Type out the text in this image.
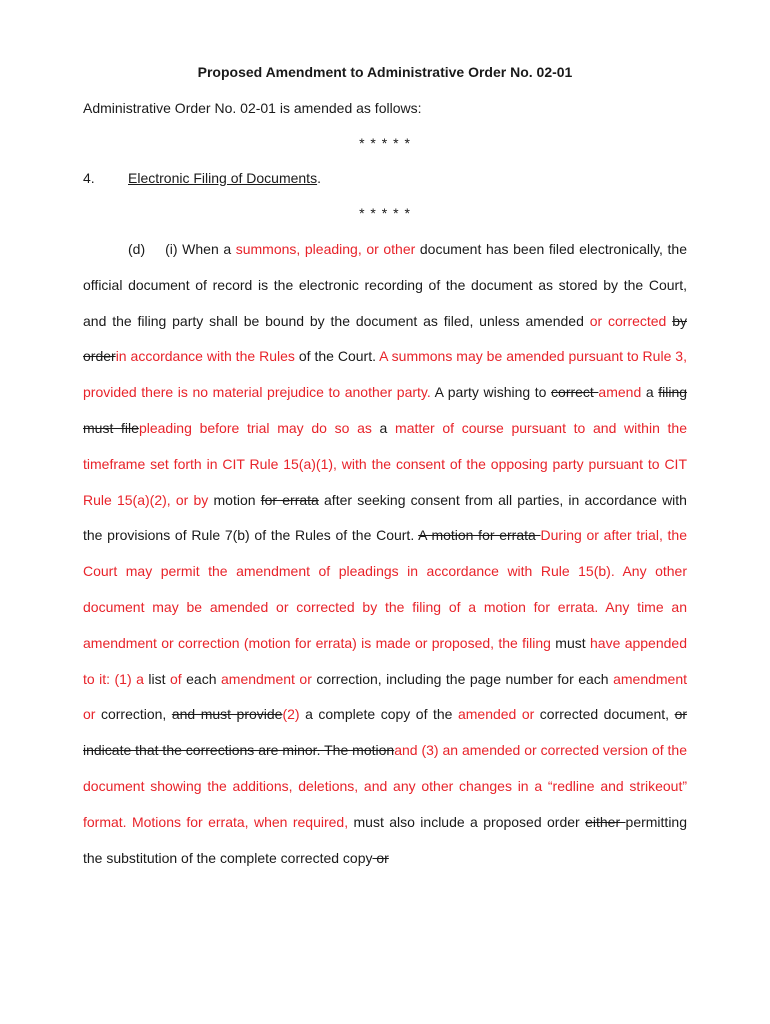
Proposed Amendment to Administrative Order No. 02-01
Administrative Order No. 02-01 is amended as follows:
* * * * *
4. Electronic Filing of Documents.
* * * * *
(d) (i) When a summons, pleading, or other document has been filed electronically, the official document of record is the electronic recording of the document as stored by the Court, and the filing party shall be bound by the document as filed, unless amended or corrected by orderin accordance with the Rules of the Court. A summons may be amended pursuant to Rule 3, provided there is no material prejudice to another party. A party wishing to correct amend a filing must filepleading before trial may do so as a matter of course pursuant to and within the timeframe set forth in CIT Rule 15(a)(1), with the consent of the opposing party pursuant to CIT Rule 15(a)(2), or by motion for errata after seeking consent from all parties, in accordance with the provisions of Rule 7(b) of the Rules of the Court. A motion for errata During or after trial, the Court may permit the amendment of pleadings in accordance with Rule 15(b). Any other document may be amended or corrected by the filing of a motion for errata. Any time an amendment or correction (motion for errata) is made or proposed, the filing must have appended to it: (1) a list of each amendment or correction, including the page number for each amendment or correction, and must provide(2) a complete copy of the amended or corrected document, or indicate that the corrections are minor. The motionand (3) an amended or corrected version of the document showing the additions, deletions, and any other changes in a “redline and strikeout” format. Motions for errata, when required, must also include a proposed order either permitting the substitution of the complete corrected copy or
